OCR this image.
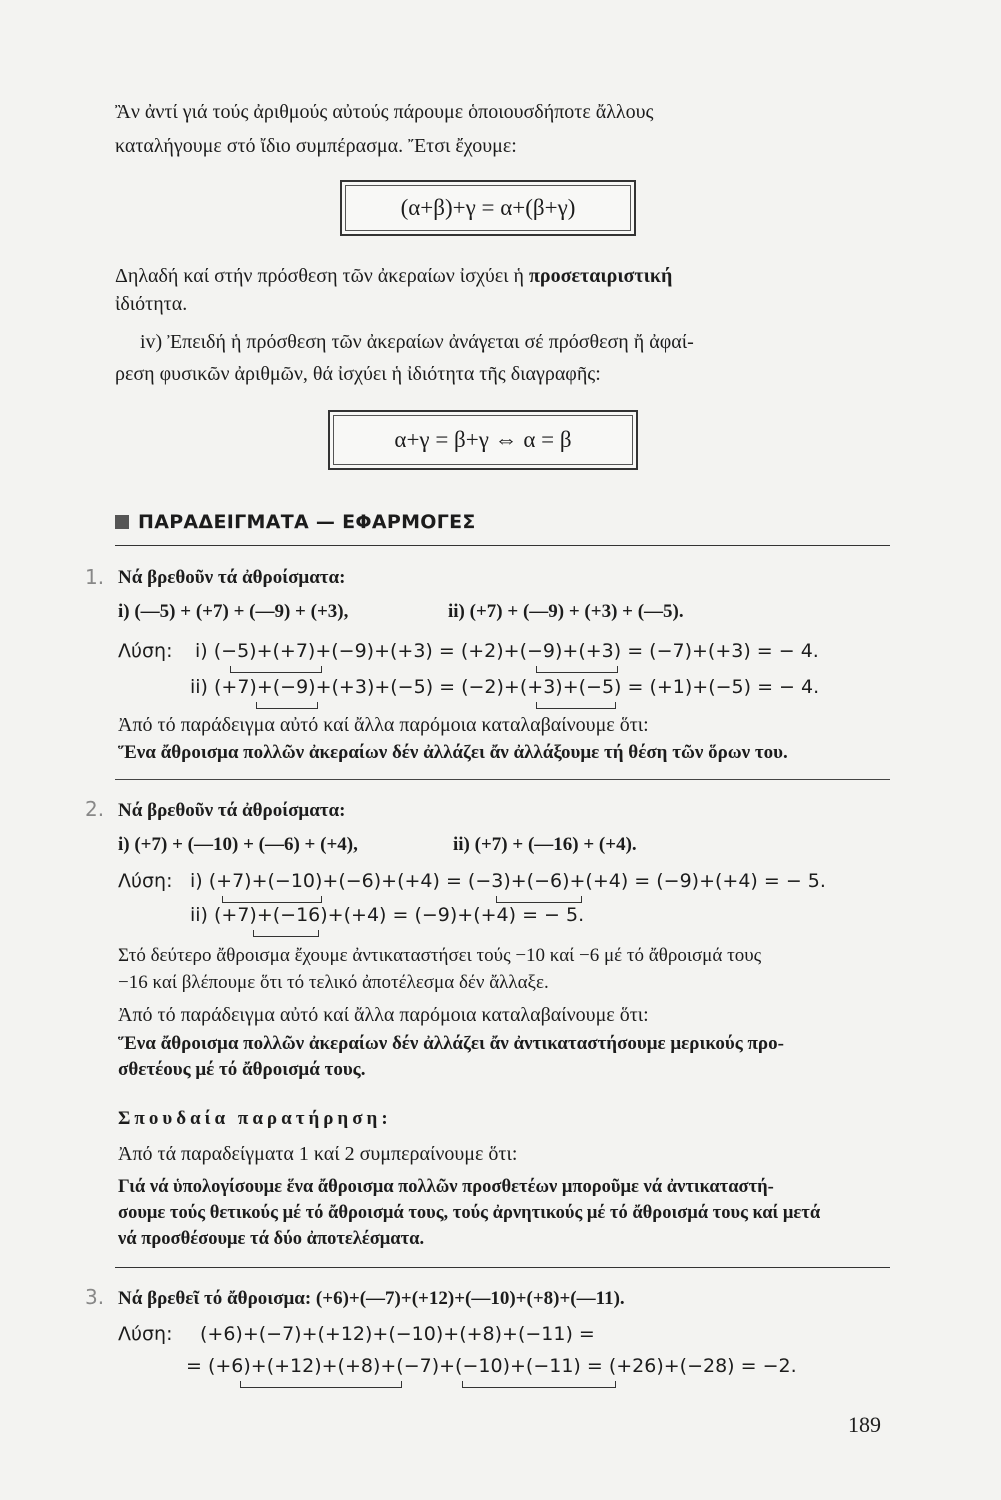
Ἂν ἀντί γιά τούς ἀριθμούς αὐτούς πάρουμε ὁποιουσδήποτε ἄλλους

καταλήγουμε στό ἴδιο συμπέρασμα. Ἔτσι ἔχουμε:

(α+β)+γ = α+(β+γ)

Δηλαδή καί στήν πρόσθεση τῶν ἀκεραίων ἰσχύει ἡ προσεταιριστική

ἰδιότητα.

iv) Ἐπειδή ἡ πρόσθεση τῶν ἀκεραίων ἀνάγεται σέ πρόσθεση ἤ ἀφαί-

ρεση φυσικῶν ἀριθμῶν, θά ἰσχύει ἡ ἰδιότητα τῆς διαγραφῆς:

α+γ = β+γ ⇔ α = β
ΠΑΡΑΔΕΙΓΜΑΤΑ — ΕΦΑΡΜΟΓΕΣ
1. Νά βρεθοῦν τά ἀθροίσματα:
i) (—5) + (+7) + (—9) + (+3),	ii) (+7) + (—9) + (+3) + (—5).
Λύση: i) (−5)+(+7)+(−9)+(+3) = (+2)+(−9)+(+3) = (−7)+(+3) = − 4.
ii) (+7)+(−9)+(+3)+(−5) = (−2)+(+3)+(−5) = (+1)+(−5) = − 4.
Ἀπό τό παράδειγμα αὐτό καί ἄλλα παρόμοια καταλαβαίνουμε ὅτι:
Ἕνα ἄθροισμα πολλῶν ἀκεραίων δέν ἀλλάζει ἄν ἀλλάξουμε τή θέση τῶν ὅρων του.
2. Νά βρεθοῦν τά ἀθροίσματα:
i) (+7) + (—10) + (—6) + (+4),	ii) (+7) + (—16) + (+4).
Λύση: i) (+7)+(−10)+(−6)+(+4) = (−3)+(−6)+(+4) = (−9)+(+4) = − 5.
ii) (+7)+(−16)+(+4) = (−9)+(+4) = − 5.
Στό δεύτερο ἄθροισμα ἔχουμε ἀντικαταστήσει τούς −10 καί −6 μέ τό ἄθροισμά τους
−16 καί βλέπουμε ὅτι τό τελικό ἀποτέλεσμα δέν ἄλλαξε.
Ἀπό τό παράδειγμα αὐτό καί ἄλλα παρόμοια καταλαβαίνουμε ὅτι:
Ἕνα ἄθροισμα πολλῶν ἀκεραίων δέν ἀλλάζει ἄν ἀντικαταστήσουμε μερικούς προ-
σθετέους μέ τό ἄθροισμά τους.
Σπουδαία παρατήρηση:
Ἀπό τά παραδείγματα 1 καί 2 συμπεραίνουμε ὅτι:
Γιά νά ὑπολογίσουμε ἕνα ἄθροισμα πολλῶν προσθετέων μποροῦμε νά ἀντικαταστή-
σουμε τούς θετικούς μέ τό ἄθροισμά τους, τούς ἀρνητικούς μέ τό ἄθροισμά τους καί μετά
νά προσθέσουμε τά δύο ἀποτελέσματα.
3. Νά βρεθεῖ τό ἄθροισμα: (+6)+(—7)+(+12)+(—10)+(+8)+(—11).
Λύση: (+6)+(−7)+(+12)+(−10)+(+8)+(−11) =
= (+6)+(+12)+(+8)+(−7)+(−10)+(−11) = (+26)+(−28) = −2.
189
